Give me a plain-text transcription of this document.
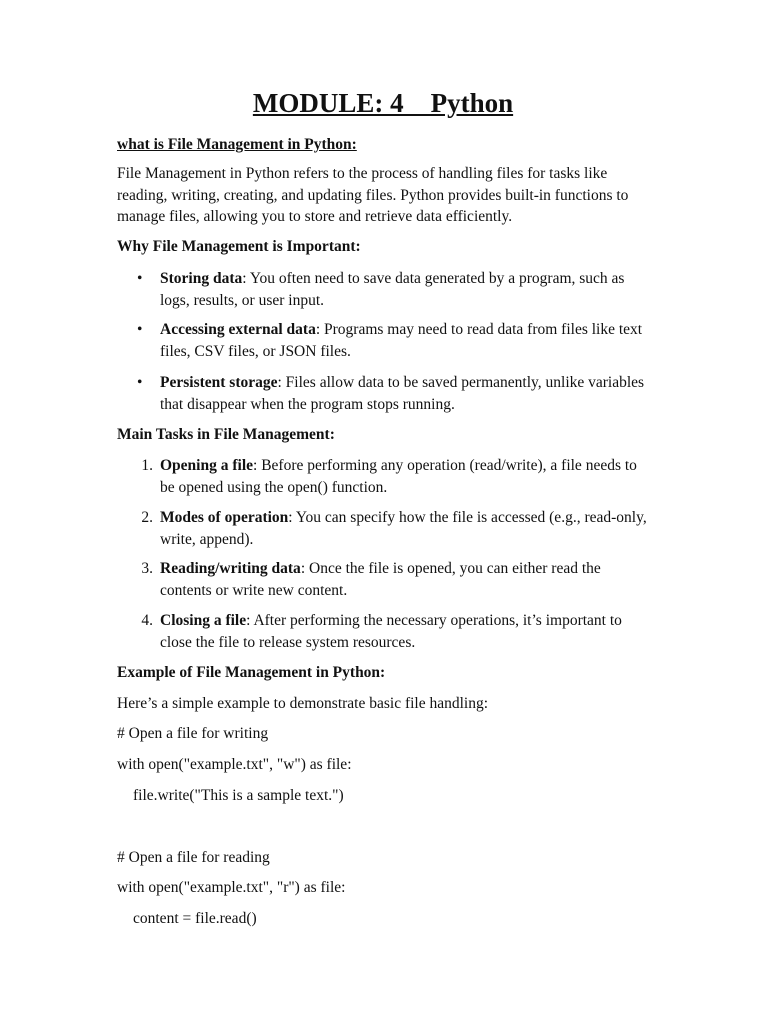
MODULE: 4    Python

what is File Management in Python:

File Management in Python refers to the process of handling files for tasks like reading, writing, creating, and updating files. Python provides built-in functions to manage files, allowing you to store and retrieve data efficiently.

Why File Management is Important:

• Storing data: You often need to save data generated by a program, such as logs, results, or user input.
• Accessing external data: Programs may need to read data from files like text files, CSV files, or JSON files.
• Persistent storage: Files allow data to be saved permanently, unlike variables that disappear when the program stops running.

Main Tasks in File Management:

1. Opening a file: Before performing any operation (read/write), a file needs to be opened using the open() function.
2. Modes of operation: You can specify how the file is accessed (e.g., read-only, write, append).
3. Reading/writing data: Once the file is opened, you can either read the contents or write new content.
4. Closing a file: After performing the necessary operations, it’s important to close the file to release system resources.

Example of File Management in Python:

Here’s a simple example to demonstrate basic file handling:

# Open a file for writing

with open("example.txt", "w") as file:

file.write("This is a sample text.")

# Open a file for reading

with open("example.txt", "r") as file:

content = file.read()
